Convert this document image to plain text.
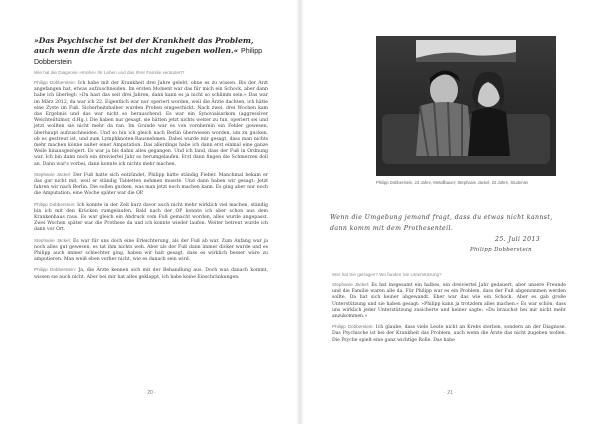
»Das Psychische ist bei der Krankheit das Problem, auch wenn die Ärzte das nicht zugeben wollen.« Philipp Dobberstein
Wie hat die Diagnose »Krebs« Ihr Leben und das Ihrer Familie verändert?

Philipp Dobberstein: Ich habe mit der Krankheit drei Jahre gelebt, ohne es zu wissen. Bis der Arzt angefangen hat, etwas aufzuschneiden. Im ersten Moment war das für mich ein Schock, aber dann habe ich überlegt: »Du hast das seit drei Jahren, dann kann es ja nicht so schlimm sein.« Das war im März 2012, da war ich 22. Eigentlich war nur operiert worden, weil die Ärzte dachten, ich hätte eine Zyste im Fuß. Sicherheitshalber wurden Proben eingeschickt. Nach zwei, drei Wochen kam das Ergebnis und das war nicht so berauschend. Es war ein Synovialsarkom (aggressiver Weichteiltumor, d.Hg.). Die haben nur gesagt, sie hätten jetzt nichts weiter zu tun, operiert sei und jetzt wollten sie nicht mehr da ran. Im Grunde war es von vornherein ein Fehler gewesen, überhaupt aufzuschneiden. Und so bin ich gleich nach Berlin überwiesen worden, um zu gucken, ob es gestreut ist, und zum Lymphknoten-Rausnehmen. Dabei wurde mir gesagt, dass man nichts mehr machen könne außer einer Amputation. Das allerdings habe ich dann erst einmal eine ganze Weile hinausgezögert. Es war ja bis dahin alles gegangen. Und ich fand, dass der Fuß in Ordnung war. Ich bin dann noch ein dreiviertel Jahr so herumgelaufen. Erst dann fingen die Schmerzen doll an. Dann war's vorbei, dann konnte ich nichts mehr machen.

Stephanie Jäckel: Der Fuß hatte sich entzündet, Philipp hatte ständig Fieber. Manchmal bekam er das gar nicht mit, weil er ständig Tabletten nehmen musste. Und dann haben wir gesagt: Jetzt fahren wir nach Berlin. Die sollen gucken, was man jetzt noch machen kann. Es ging aber nur noch die Amputation, eine Woche später war die OP.

Philipp Dobberstein: Ich konnte in der Zeit kurz davor auch nicht mehr wirklich viel machen, ständig bin ich mit den Krücken rumgelaufen. Bald nach der OP konnte ich aber schon aus dem Krankenhaus raus. Es war gleich ein Abdruck vom Fuß gemacht worden, alles wurde angepasst. Zwei Wochen später war die Prothese da und ich konnte wieder laufen. Weiter betreut wurde ich dann vor Ort.

Stephanie Jäckel: Es war für uns doch eine Erleichterung, als der Fuß ab war. Zum Anfang war ja noch alles gut gewesen, es tat ihm nichts weh. Aber als der Fuß dann immer dicker wurde und es Philipp auch immer schlechter ging, haben wir halt gesagt, dass es wirklich besser wäre zu amputieren. Man weiß eben vorher nicht, wie es danach sein wird.

Philipp Dobberstein: Ja, die Ärzte kennen sich mit der Behandlung aus. Doch was danach kommt, wissen sie auch nicht. Aber bei mir hat alles geklappt, ich habe keine Einschränkungen.

· 20 ·
Philipp Dobberstein, 23 Jahre, Metallbauer; Stephanie Jäckel, 22 Jahre, Studentin
Wer hat Sie getragen? Wo fanden Sie Unterstützung?

Stephanie Jäckel: Es hat insgesamt ein halbes, ein dreiviertel Jahr gedauert, aber unsere Freunde und die Familie waren alle da. Für Philipp war es ein Problem, dass der Fuß abgenommen werden sollte. Da hat sich keiner abgewandt. Eher war das wie ein Schock. Aber es gab große Unterstützung und sie haben gesagt: »Philipp kann ja trotzdem alles machen.« Es war schön, dass uns wirklich jeder Unterstützung zusicherte und keiner sagte: »Du brauchst bei mir nicht mehr anzukommen.«

Philipp Dobberstein: Ich glaube, dass viele Leute nicht an Krebs sterben, sondern an der Diagnose. Das Psychische ist bei der Krankheit das Problem, auch wenn die Ärzte das nicht zugeben wollen. Die Psyche spielt eine ganz wichtige Rolle. Das habe

· 21 ·
Wenn die Umgebung jemand fragt, dass du etwas nicht kannst, dann komm mit dem Prothesenteil.
25. Juli 2013
Philipp Dobberstein
